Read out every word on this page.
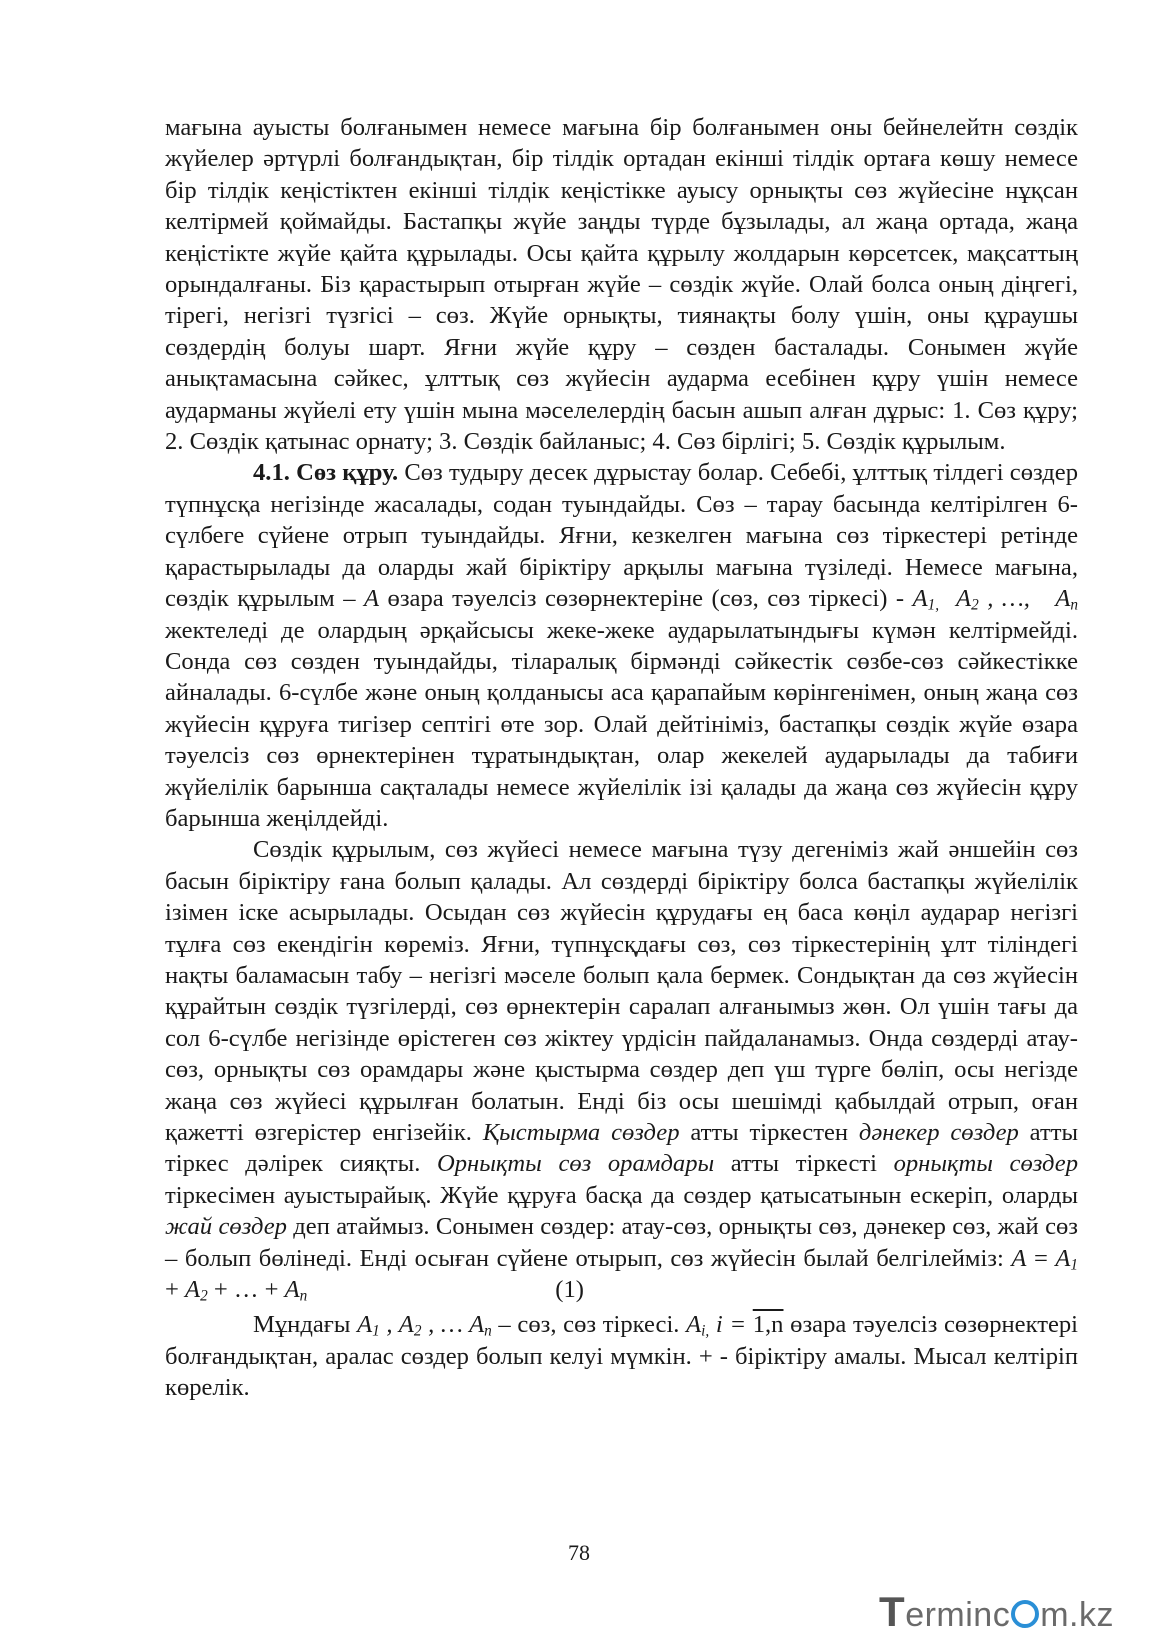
мағына ауысты болғанымен немесе мағына бір болғанымен оны бейнелейтн сөздік жүйелер әртүрлі болғандықтан, бір тілдік ортадан екінші тілдік ортаға көшу немесе бір тілдік кеңістіктен екінші тілдік кеңістікке ауысу орнықты сөз жүйесіне нұқсан келтірмей қоймайды. Бастапқы жүйе заңды түрде бұзылады, ал жаңа ортада, жаңа кеңістікте жүйе қайта құрылады. Осы қайта құрылу жолдарын көрсетсек, мақсаттың орындалғаны. Біз қарастырып отырған жүйе – сөздік жүйе. Олай болса оның діңгегі, тірегі, негізгі түзгісі – сөз. Жүйе орнықты, тиянақты болу үшін, оны құраушы сөздердің болуы шарт. Яғни жүйе құру – сөзден басталады. Сонымен жүйе анықтамасына сәйкес, ұлттық сөз жүйесін аударма есебінен құру үшін немесе аударманы жүйелі ету үшін мына мәселелердің басын ашып алған дұрыс: 1. Сөз құру; 2. Сөздік қатынас орнату; 3. Сөздік байланыс; 4. Сөз бірлігі; 5. Сөздік құрылым.

4.1. Сөз құру. Сөз тудыру десек дұрыстау болар. Себебі, ұлттық тілдегі сөздер түпнұсқа негізінде жасалады, содан туындайды. Сөз – тарау басында келтірілген 6-сүлбеге сүйене отрып туындайды. Яғни, кезкелген мағына сөз тіркестері ретінде қарастырылады да оларды жай біріктіру арқылы мағына түзіледі. Немесе мағына, сөздік құрылым – A өзара тәуелсіз сөзөрнектеріне (сөз, сөз тіркесі) - $A_{1,}$ $A_2$ , …,   $A_n$ жектеледі де олардың әрқайсысы жеке-жеке аударылатындығы күмән келтірмейді. Сонда сөз сөзден туындайды, тіларалық бірмәнді сәйкестік сөзбе-сөз сәйкестікке айналады. 6-сүлбе және оның қолданысы аса қарапайым көрінгенімен, оның жаңа сөз жүйесін құруға тигізер септігі өте зор. Олай дейтініміз, бастапқы сөздік жүйе өзара тәуелсіз сөз өрнектерінен тұратындықтан, олар жекелей аударылады да табиғи жүйелілік барынша сақталады немесе жүйелілік ізі қалады да жаңа сөз жүйесін құру барынша жеңілдейді.

Сөздік құрылым, сөз жүйесі немесе мағына түзу дегеніміз жай әншейін сөз басын біріктіру ғана болып қалады. Ал сөздерді біріктіру болса бастапқы жүйелілік ізімен іске асырылады. Осыдан сөз жүйесін құрудағы ең баса көңіл аударар негізгі тұлға сөз екендігін көреміз. Яғни, түпнұсқдағы сөз, сөз тіркестерінің ұлт тіліндегі нақты баламасын табу – негізгі мәселе болып қала бермек. Сондықтан да сөз жүйесін құрайтын сөздік түзгілерді, сөз өрнектерін саралап алғанымыз жөн. Ол үшін тағы да сол 6-сүлбе негізінде өрістеген сөз жіктеу үрдісін пайдаланамыз. Онда сөздерді атау-сөз, орнықты сөз орамдары және қыстырма сөздер деп үш түрге бөліп, осы негізде жаңа сөз жүйесі құрылған болатын. Енді біз осы шешімді қабылдай отрып, оған қажетті өзгерістер енгізейік. Қыстырма сөздер атты тіркестен дәнекер сөздер атты тіркес дәлірек сияқты. Орнықты сөз орамдары атты тіркесті орнықты сөздер тіркесімен ауыстырайық. Жүйе құруға басқа да сөздер қатысатынын ескеріп, оларды жай сөздер деп атаймыз. Сонымен сөздер: атау-сөз, орнықты сөз, дәнекер сөз, жай сөз – болып бөлінеді. Енді осыған сүйене отырып, сөз жүйесін былай белгілейміз: $A = A_1 + A_2$ + … + $A_n$	(1)

Мұндағы $A_1$ , $A_2$ , … $A_n$ – сөз, сөз тіркесі. $A_{i,}$ i = 1,n өзара тәуелсіз сөзөрнектері болғандықтан, аралас сөздер болып келуі мүмкін. + - біріктіру амалы. Мысал келтіріп көрелік.

78
Terminc m.kz
